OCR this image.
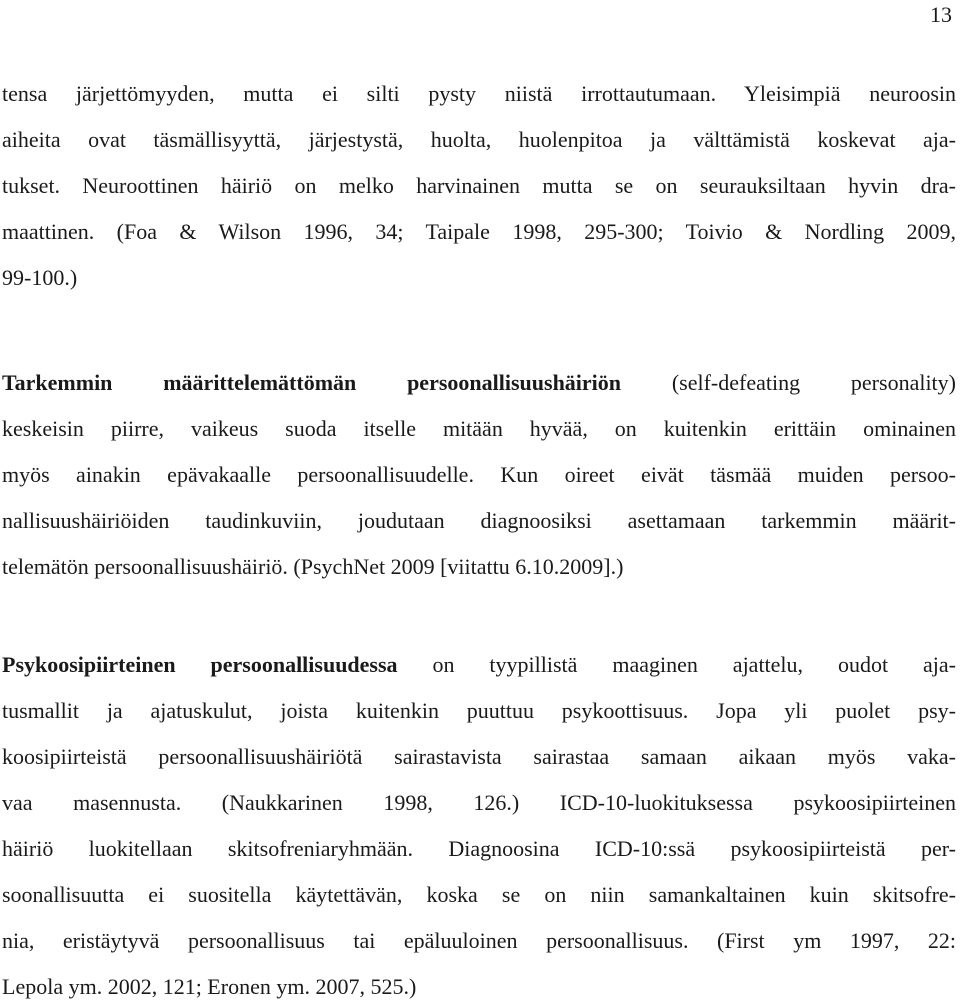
13
tensa järjettömyyden, mutta ei silti pysty niistä irrottautumaan. Yleisimpiä neuroosin
aiheita ovat täsmällisyyttä, järjestystä, huolta, huolenpitoa ja välttämistä koskevat aja-
tukset. Neuroottinen häiriö on melko harvinainen mutta se on seurauksiltaan hyvin dra-
maattinen. (Foa & Wilson 1996, 34; Taipale 1998, 295-300; Toivio & Nordling 2009,
99-100.)
Tarkemmin määrittelemättömän persoonallisuushäiriön (self-defeating personality)
keskeisin piirre, vaikeus suoda itselle mitään hyvää, on kuitenkin erittäin ominainen
myös ainakin epävakaalle persoonallisuudelle. Kun oireet eivät täsmää muiden persoo-
nallisuushäiriöiden taudinkuviin, joudutaan diagnoosiksi asettamaan tarkemmin määrit-
telemätön persoonallisuushäiriö. (PsychNet 2009 [viitattu 6.10.2009].)
Psykoosipiirteinen persoonallisuudessa on tyypillistä maaginen ajattelu, oudot aja-
tusmallit ja ajatuskulut, joista kuitenkin puuttuu psykoottisuus. Jopa yli puolet psy-
koosipiirteistä persoonallisuushäiriötä sairastavista sairastaa samaan aikaan myös vaka-
vaa masennusta. (Naukkarinen 1998, 126.) ICD-10-luokituksessa psykoosipiirteinen
häiriö luokitellaan skitsofreniaryhmään. Diagnoosina ICD-10:ssä psykoosipiirteistä per-
soonallisuutta ei suositella käytettävän, koska se on niin samankaltainen kuin skitsofre-
nia, eristäytyvä persoonallisuus tai epäluuloinen persoonallisuus. (First ym 1997, 22:
Lepola ym. 2002, 121; Eronen ym. 2007, 525.)
